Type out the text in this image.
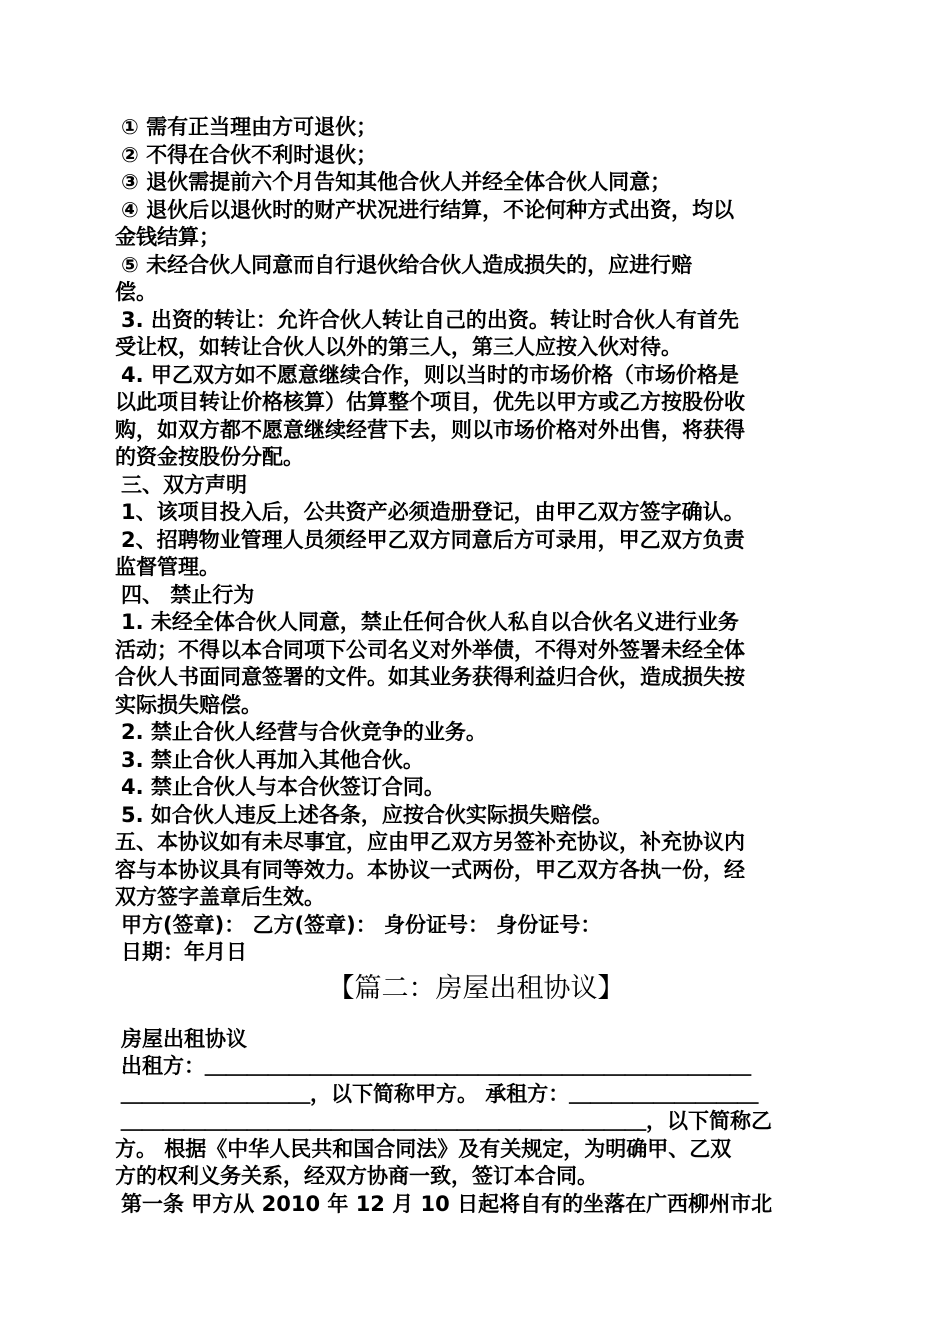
① 需有正当理由方可退伙；
② 不得在合伙不利时退伙；
③ 退伙需提前六个月告知其他合伙人并经全体合伙人同意；
④ 退伙后以退伙时的财产状况进行结算，不论何种方式出资，均以
金钱结算；
⑤ 未经合伙人同意而自行退伙给合伙人造成损失的，应进行赔
偿。
3. 出资的转让：允许合伙人转让自己的出资。转让时合伙人有首先
受让权，如转让合伙人以外的第三人，第三人应按入伙对待。
4. 甲乙双方如不愿意继续合作，则以当时的市场价格（市场价格是
以此项目转让价格核算）估算整个项目，优先以甲方或乙方按股份收
购，如双方都不愿意继续经营下去，则以市场价格对外出售，将获得
的资金按股份分配。
三、双方声明
1、该项目投入后，公共资产必须造册登记，由甲乙双方签字确认。
2、招聘物业管理人员须经甲乙双方同意后方可录用，甲乙双方负责
监督管理。
四、 禁止行为
1. 未经全体合伙人同意，禁止任何合伙人私自以合伙名义进行业务
活动；不得以本合同项下公司名义对外举债，不得对外签署未经全体
合伙人书面同意签署的文件。如其业务获得利益归合伙，造成损失按
实际损失赔偿。
2. 禁止合伙人经营与合伙竞争的业务。
3. 禁止合伙人再加入其他合伙。
4. 禁止合伙人与本合伙签订合同。
5. 如合伙人违反上述各条，应按合伙实际损失赔偿。
五、本协议如有未尽事宜，应由甲乙双方另签补充协议，补充协议内
容与本协议具有同等效力。本协议一式两份，甲乙双方各执一份，经
双方签字盖章后生效。
甲方(签章)： 乙方(签章)： 身份证号： 身份证号：
日期：年月日
【篇二：房屋出租协议】
房屋出租协议
出租方：＿＿＿＿＿＿＿＿＿＿＿＿＿＿＿＿＿＿＿＿＿＿＿＿＿＿
＿＿＿＿＿＿＿＿＿，以下简称甲方。 承租方：＿＿＿＿＿＿＿＿＿
＿＿＿＿＿＿＿＿＿＿＿＿＿＿＿＿＿＿＿＿＿＿＿＿＿，以下简称乙
方。 根据《中华人民共和国合同法》及有关规定，为明确甲、乙双
方的权利义务关系，经双方协商一致，签订本合同。
第一条 甲方从 2010 年 12 月 10 日起将自有的坐落在广西柳州市北
